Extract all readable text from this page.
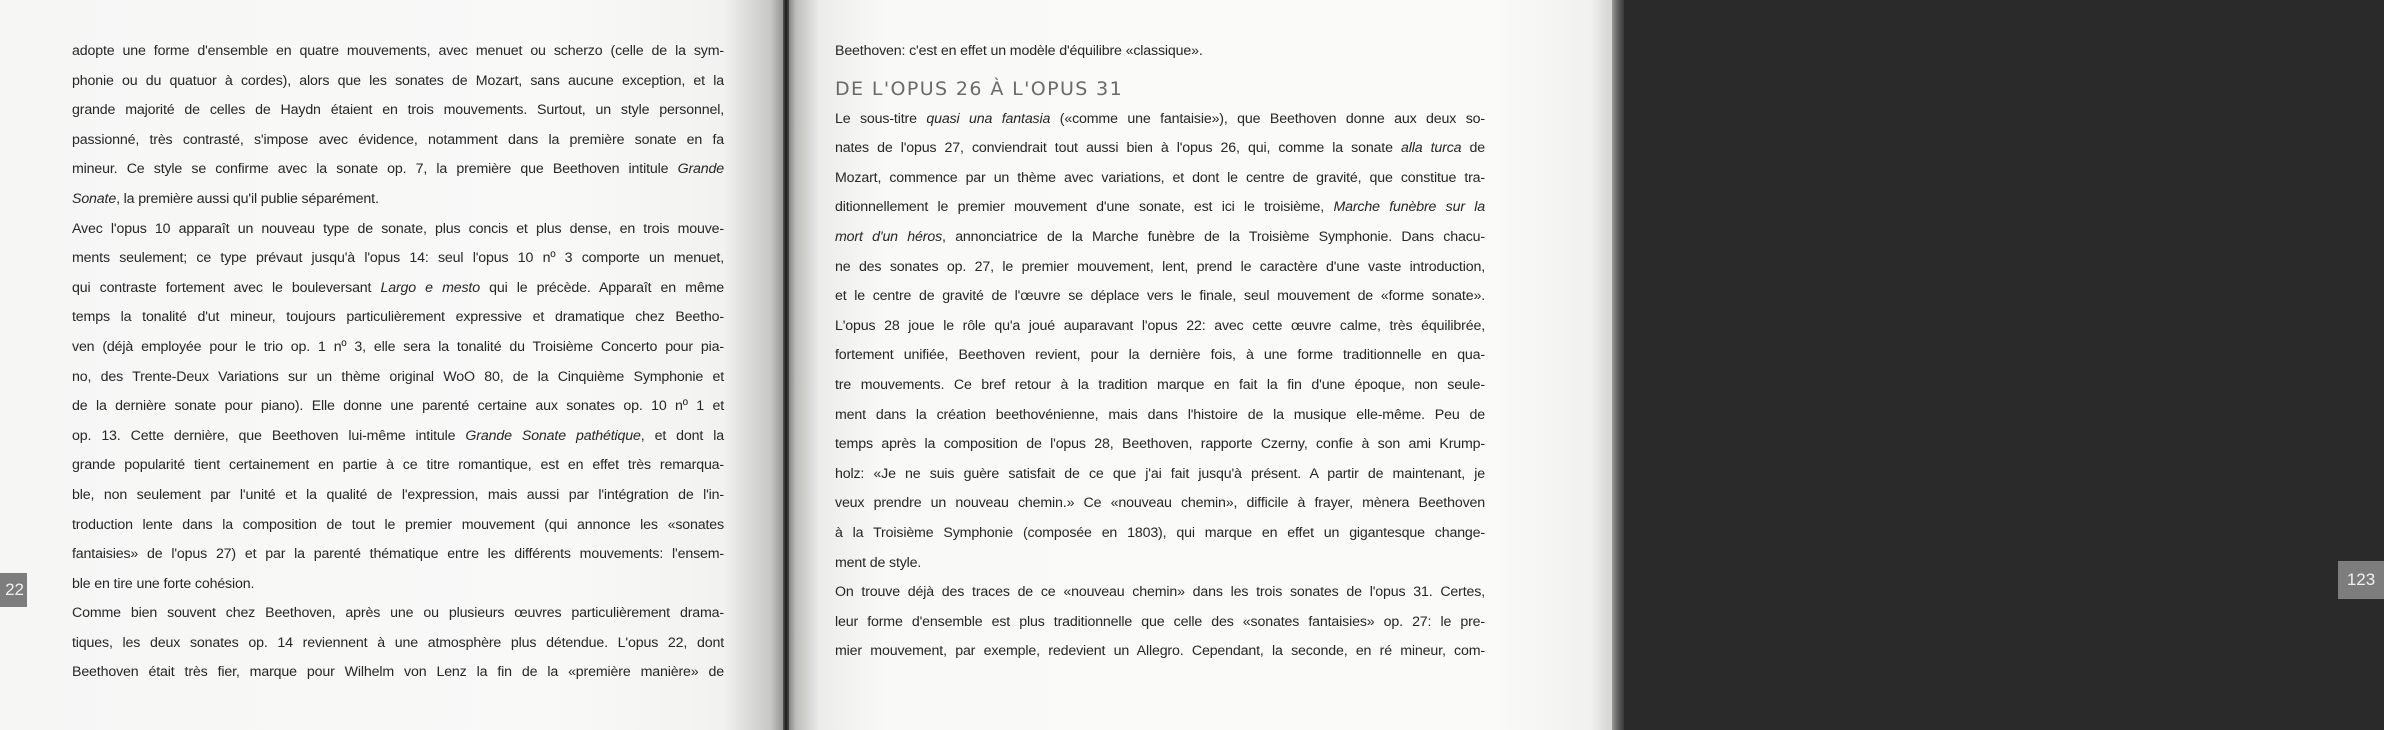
adopte une forme d'ensemble en quatre mouvements, avec menuet ou scherzo (celle de la sym-
phonie ou du quatuor à cordes), alors que les sonates de Mozart, sans aucune exception, et la
grande majorité de celles de Haydn étaient en trois mouvements. Surtout, un style personnel,
passionné, très contrasté, s'impose avec évidence, notamment dans la première sonate en fa
mineur. Ce style se confirme avec la sonate op. 7, la première que Beethoven intitule Grande
Sonate, la première aussi qu'il publie séparément.
Avec l'opus 10 apparaît un nouveau type de sonate, plus concis et plus dense, en trois mouve-
ments seulement; ce type prévaut jusqu'à l'opus 14: seul l'opus 10 nº 3 comporte un menuet,
qui contraste fortement avec le bouleversant Largo e mesto qui le précède. Apparaît en même
temps la tonalité d'ut mineur, toujours particulièrement expressive et dramatique chez Beetho-
ven (déjà employée pour le trio op. 1 nº 3, elle sera la tonalité du Troisième Concerto pour pia-
no, des Trente-Deux Variations sur un thème original WoO 80, de la Cinquième Symphonie et
de la dernière sonate pour piano). Elle donne une parenté certaine aux sonates op. 10 nº 1 et
op. 13. Cette dernière, que Beethoven lui-même intitule Grande Sonate pathétique, et dont la
grande popularité tient certainement en partie à ce titre romantique, est en effet très remarqua-
ble, non seulement par l'unité et la qualité de l'expression, mais aussi par l'intégration de l'in-
troduction lente dans la composition de tout le premier mouvement (qui annonce les «sonates
fantaisies» de l'opus 27) et par la parenté thématique entre les différents mouvements: l'ensem-
ble en tire une forte cohésion.
Comme bien souvent chez Beethoven, après une ou plusieurs œuvres particulièrement drama-
tiques, les deux sonates op. 14 reviennent à une atmosphère plus détendue. L'opus 22, dont
Beethoven était très fier, marque pour Wilhelm von Lenz la fin de la «première manière» de
22
Beethoven: c'est en effet un modèle d'équilibre «classique».
DE L'OPUS 26 À L'OPUS 31
Le sous-titre quasi una fantasia («comme une fantaisie»), que Beethoven donne aux deux so-
nates de l'opus 27, conviendrait tout aussi bien à l'opus 26, qui, comme la sonate alla turca de
Mozart, commence par un thème avec variations, et dont le centre de gravité, que constitue tra-
ditionnellement le premier mouvement d'une sonate, est ici le troisième, Marche funèbre sur la
mort d'un héros, annonciatrice de la Marche funèbre de la Troisième Symphonie. Dans chacu-
ne des sonates op. 27, le premier mouvement, lent, prend le caractère d'une vaste introduction,
et le centre de gravité de l'œuvre se déplace vers le finale, seul mouvement de «forme sonate».
L'opus 28 joue le rôle qu'a joué auparavant l'opus 22: avec cette œuvre calme, très équilibrée,
fortement unifiée, Beethoven revient, pour la dernière fois, à une forme traditionnelle en qua-
tre mouvements. Ce bref retour à la tradition marque en fait la fin d'une époque, non seule-
ment dans la création beethovénienne, mais dans l'histoire de la musique elle-même. Peu de
temps après la composition de l'opus 28, Beethoven, rapporte Czerny, confie à son ami Krump-
holz: «Je ne suis guère satisfait de ce que j'ai fait jusqu'à présent. A partir de maintenant, je
veux prendre un nouveau chemin.» Ce «nouveau chemin», difficile à frayer, mènera Beethoven
à la Troisième Symphonie (composée en 1803), qui marque en effet un gigantesque change-
ment de style.
On trouve déjà des traces de ce «nouveau chemin» dans les trois sonates de l'opus 31. Certes,
leur forme d'ensemble est plus traditionnelle que celle des «sonates fantaisies» op. 27: le pre-
mier mouvement, par exemple, redevient un Allegro. Cependant, la seconde, en ré mineur, com-
123
